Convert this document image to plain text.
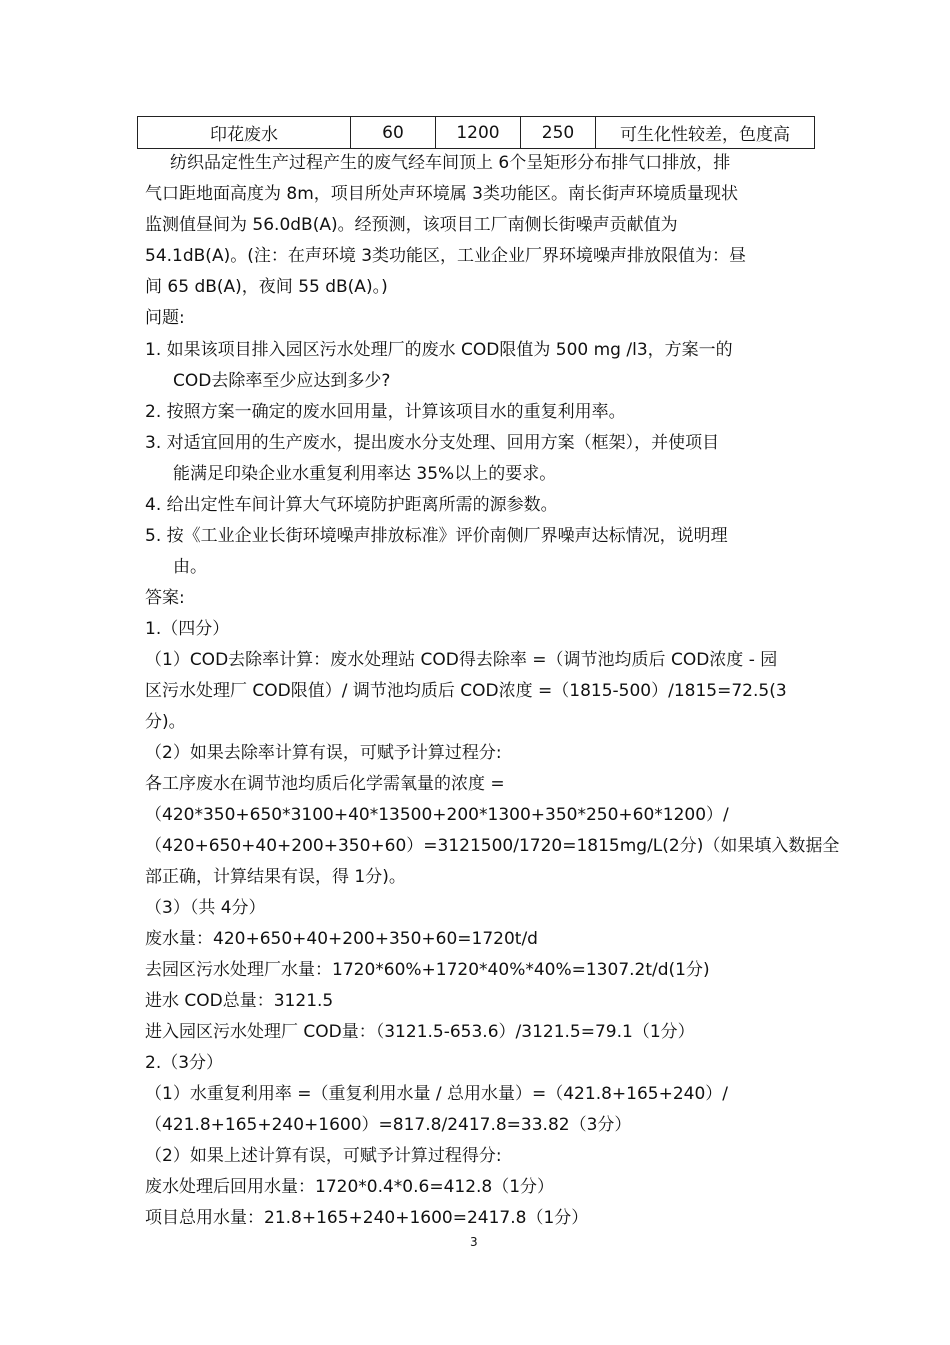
印花废水	60	1200	250	可生化性较差，色度高
纺织品定性生产过程产生的废气经车间顶上 6个呈矩形分布排气口排放，排
气口距地面高度为 8m，项目所处声环境属 3类功能区。南长街声环境质量现状
监测值昼间为 56.0dB(A)。经预测，该项目工厂南侧长街噪声贡献值为
54.1dB(A)。(注：在声环境 3类功能区，工业企业厂界环境噪声排放限值为：昼
间 65 dB(A)，夜间 55 dB(A)。)
问题:
1. 如果该项目排入园区污水处理厂的废水 COD限值为 500 mg /l3，方案一的
COD去除率至少应达到多少?
2. 按照方案一确定的废水回用量，计算该项目水的重复利用率。
3. 对适宜回用的生产废水，提出废水分支处理、回用方案（框架），并使项目
能满足印染企业水重复利用率达 35%以上的要求。
4. 给出定性车间计算大气环境防护距离所需的源参数。
5. 按《工业企业长街环境噪声排放标准》评价南侧厂界噪声达标情况，说明理
由。
答案:
1.（四分）
（1）COD去除率计算：废水处理站 COD得去除率 =（调节池均质后 COD浓度 - 园
区污水处理厂 COD限值）/ 调节池均质后 COD浓度 =（1815-500）/1815=72.5(3
分)。
（2）如果去除率计算有误，可赋予计算过程分:
各工序废水在调节池均质后化学需氧量的浓度 =
（420*350+650*3100+40*13500+200*1300+350*250+60*1200）/
（420+650+40+200+350+60）=3121500/1720=1815mg/L(2分)（如果填入数据全
部正确，计算结果有误，得 1分)。
（3）（共 4分）
废水量：420+650+40+200+350+60=1720t/d
去园区污水处理厂水量：1720*60%+1720*40%*40%=1307.2t/d(1分)
进水 COD总量：3121.5
进入园区污水处理厂 COD量：（3121.5-653.6）/3121.5=79.1（1分）
2.（3分）
（1）水重复利用率 =（重复利用水量 / 总用水量）=（421.8+165+240）/
（421.8+165+240+1600）=817.8/2417.8=33.82（3分）
（2）如果上述计算有误，可赋予计算过程得分:
废水处理后回用水量：1720*0.4*0.6=412.8（1分）
项目总用水量：21.8+165+240+1600=2417.8（1分）
3
